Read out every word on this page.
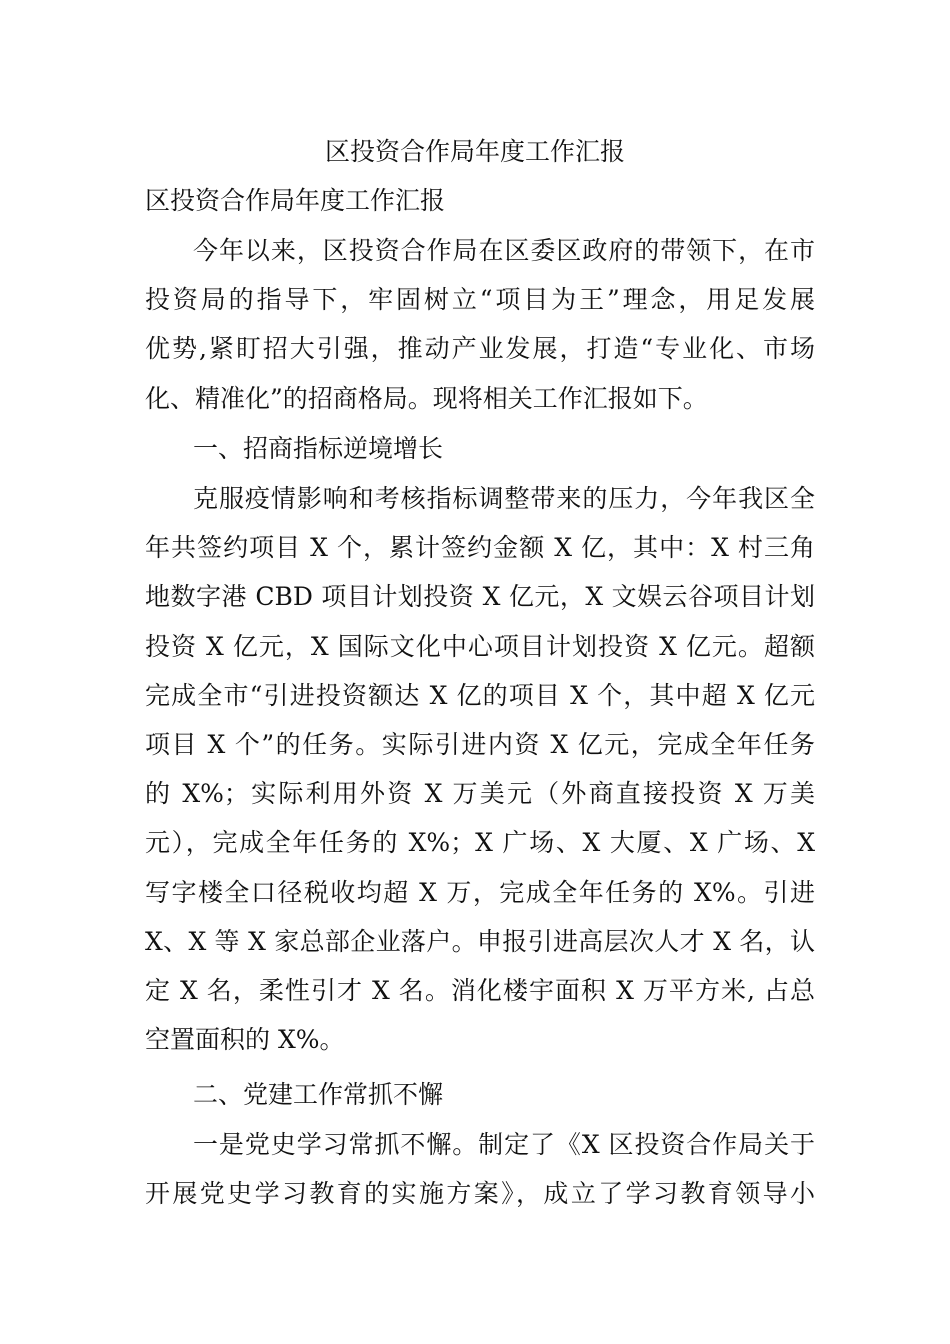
区投资合作局年度工作汇报

区投资合作局年度工作汇报

今年以来，区投资合作局在区委区政府的带领下，在市
投资局的指导下，牢固树立“项目为王”理念，用足发展
优势,紧盯招大引强，推动产业发展，打造“专业化、市场
化、精准化”的招商格局。现将相关工作汇报如下。

一、招商指标逆境增长

克服疫情影响和考核指标调整带来的压力，今年我区全
年共签约项目 X 个，累计签约金额 X 亿，其中：X 村三角
地数字港 CBD 项目计划投资 X 亿元，X 文娱云谷项目计划
投资 X 亿元，X 国际文化中心项目计划投资 X 亿元。超额
完成全市“引进投资额达 X 亿的项目 X 个，其中超 X 亿元
项目 X 个”的任务。实际引进内资 X 亿元，完成全年任务
的 X%；实际利用外资 X 万美元（外商直接投资 X 万美
元），完成全年任务的 X%；X 广场、X 大厦、X 广场、X
写字楼全口径税收均超 X 万，完成全年任务的 X%。引进
X、X 等 X 家总部企业落户。申报引进高层次人才 X 名，认
定 X 名，柔性引才 X 名。消化楼宇面积 X 万平方米, 占总
空置面积的 X%。

二、党建工作常抓不懈

一是党史学习常抓不懈。制定了《X 区投资合作局关于
开展党史学习教育的实施方案》，成立了学习教育领导小
